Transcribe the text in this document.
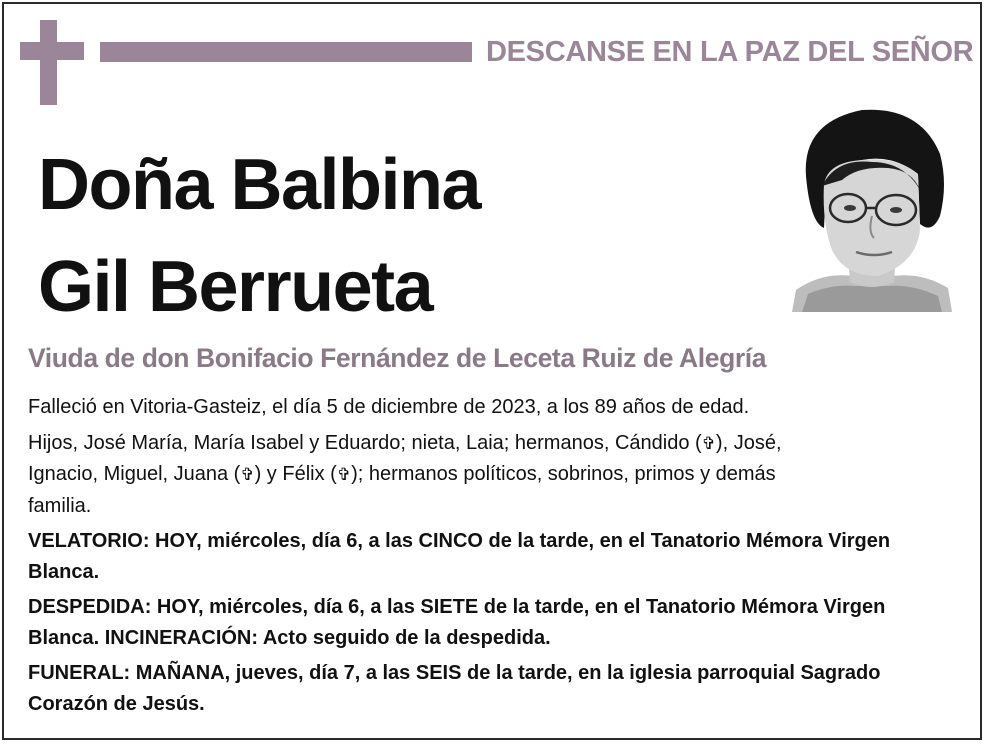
DESCANSE EN LA PAZ DEL SEÑOR
Doña Balbina
Gil Berrueta
Viuda de don Bonifacio Fernández de Leceta Ruiz de Alegría

Falleció en Vitoria-Gasteiz, el día 5 de diciembre de 2023, a los 89 años de edad.

Hijos, José María, María Isabel y Eduardo; nieta, Laia; hermanos, Cándido (✞), José,
Ignacio, Miguel, Juana (✞) y Félix (✞); hermanos políticos, sobrinos, primos y demás
familia.

VELATORIO: HOY, miércoles, día 6, a las CINCO de la tarde, en el Tanatorio Mémora Virgen Blanca.

DESPEDIDA: HOY, miércoles, día 6, a las SIETE de la tarde, en el Tanatorio Mémora Virgen Blanca. INCINERACIÓN: Acto seguido de la despedida.

FUNERAL: MAÑANA, jueves, día 7, a las SEIS de la tarde, en la iglesia parroquial Sagrado Corazón de Jesús.
